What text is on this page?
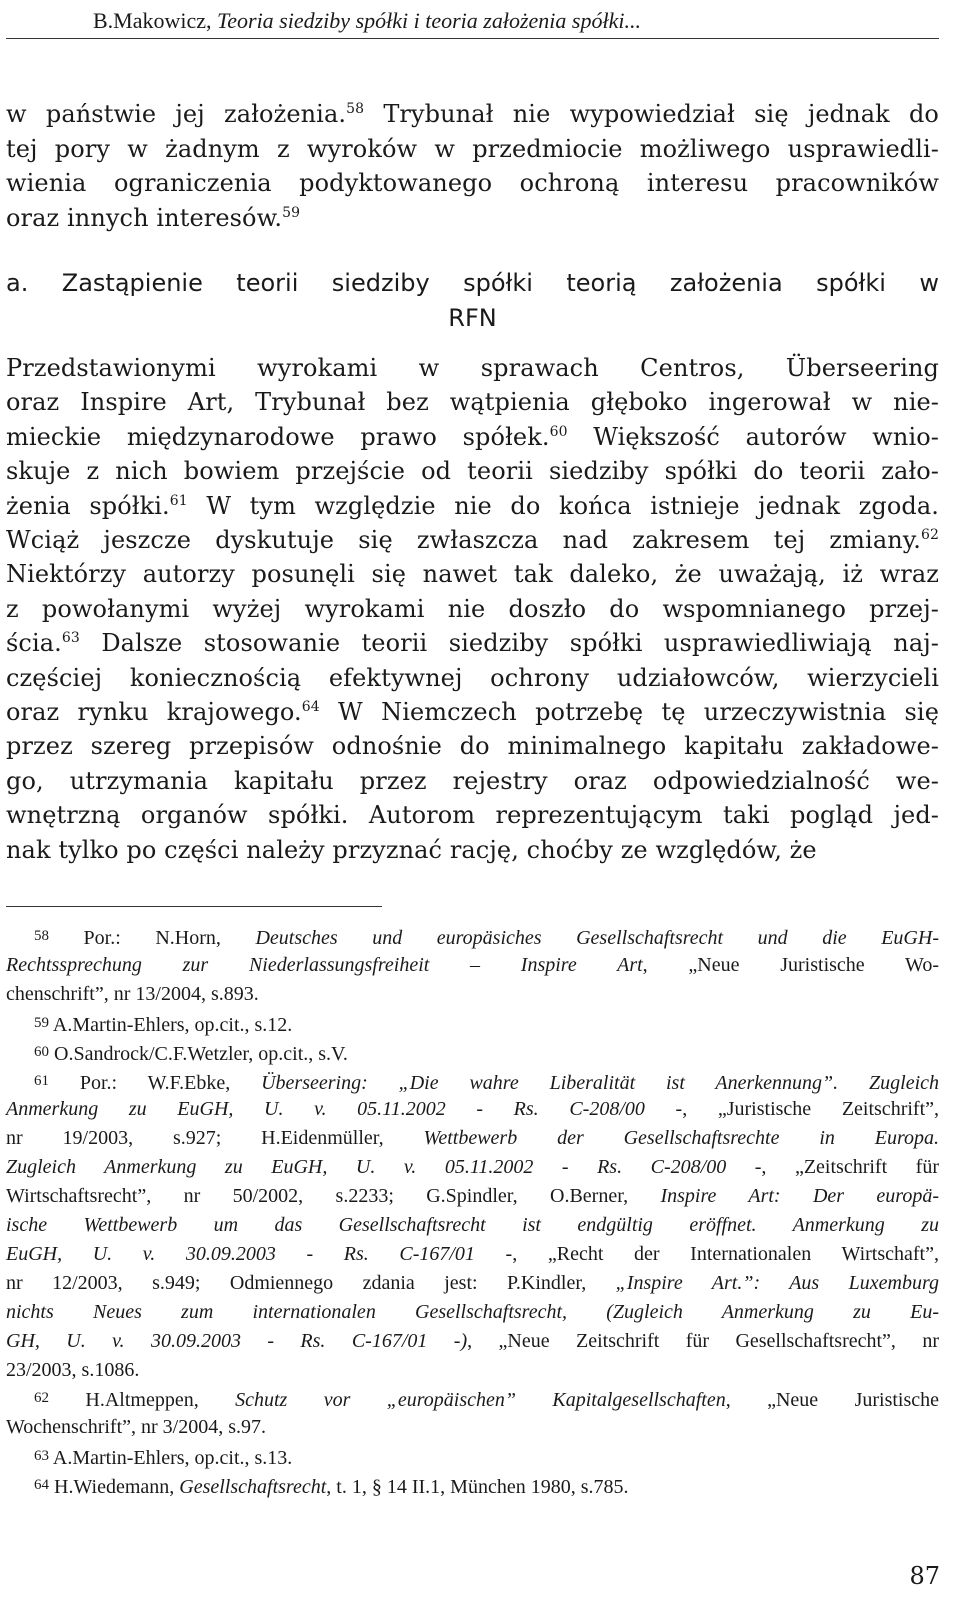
B.Makowicz, Teoria siedziby spółki i teoria założenia spółki...
w państwie jej założenia.$^{58}$ Trybunał nie wypowiedział się jednak do
tej pory w żadnym z wyroków w przedmiocie możliwego usprawiedli-
wienia ograniczenia podyktowanego ochroną interesu pracowników
oraz innych interesów.$^{59}$
a. Zastąpienie teorii siedziby spółki teorią założenia spółki w
RFN
Przedstawionymi wyrokami w sprawach Centros, Überseering
oraz Inspire Art, Trybunał bez wątpienia głęboko ingerował w nie-
mieckie międzynarodowe prawo spółek.$^{60}$ Większość autorów wnio-
skuje z nich bowiem przejście od teorii siedziby spółki do teorii zało-
żenia spółki.$^{61}$ W tym względzie nie do końca istnieje jednak zgoda.
Wciąż jeszcze dyskutuje się zwłaszcza nad zakresem tej zmiany.$^{62}$
Niektórzy autorzy posunęli się nawet tak daleko, że uważają, iż wraz
z powołanymi wyżej wyrokami nie doszło do wspomnianego przej-
ścia.$^{63}$ Dalsze stosowanie teorii siedziby spółki usprawiedliwiają naj-
częściej koniecznością efektywnej ochrony udziałowców, wierzycieli
oraz rynku krajowego.$^{64}$ W Niemczech potrzebę tę urzeczywistnia się
przez szereg przepisów odnośnie do minimalnego kapitału zakładowe-
go, utrzymania kapitału przez rejestry oraz odpowiedzialność we-
wnętrzną organów spółki. Autorom reprezentującym taki pogląd jed-
nak tylko po części należy przyznać rację, choćby ze względów, że
$^{58}$ Por.: N.Horn, Deutsches und europäsiches Gesellschaftsrecht und die EuGH-
Rechtssprechung zur Niederlassungsfreiheit – Inspire Art, „Neue Juristische Wo-
chenschrift”, nr 13/2004, s.893.
$^{59}$ A.Martin-Ehlers, op.cit., s.12.
$^{60}$ O.Sandrock/C.F.Wetzler, op.cit., s.V.
$^{61}$ Por.: W.F.Ebke, Überseering: „Die wahre Liberalität ist Anerkennung”. Zugleich
Anmerkung zu EuGH, U. v. 05.11.2002 - Rs. C-208/00 -, „Juristische Zeitschrift”,
nr 19/2003, s.927; H.Eidenmüller, Wettbewerb der Gesellschaftsrechte in Europa.
Zugleich Anmerkung zu EuGH, U. v. 05.11.2002 - Rs. C-208/00 -, „Zeitschrift für
Wirtschaftsrecht”, nr 50/2002, s.2233; G.Spindler, O.Berner, Inspire Art: Der europä-
ische Wettbewerb um das Gesellschaftsrecht ist endgültig eröffnet. Anmerkung zu
EuGH, U. v. 30.09.2003 - Rs. C-167/01 -, „Recht der Internationalen Wirtschaft”,
nr 12/2003, s.949; Odmiennego zdania jest: P.Kindler, „Inspire Art.”: Aus Luxemburg
nichts Neues zum internationalen Gesellschaftsrecht, (Zugleich Anmerkung zu Eu-
GH, U. v. 30.09.2003 - Rs. C-167/01 -), „Neue Zeitschrift für Gesellschaftsrecht”, nr
23/2003, s.1086.
$^{62}$ H.Altmeppen, Schutz vor „europäischen” Kapitalgesellschaften, „Neue Juristische
Wochenschrift”, nr 3/2004, s.97.
$^{63}$ A.Martin-Ehlers, op.cit., s.13.
$^{64}$ H.Wiedemann, Gesellschaftsrecht, t. 1, § 14 II.1, München 1980, s.785.
87
